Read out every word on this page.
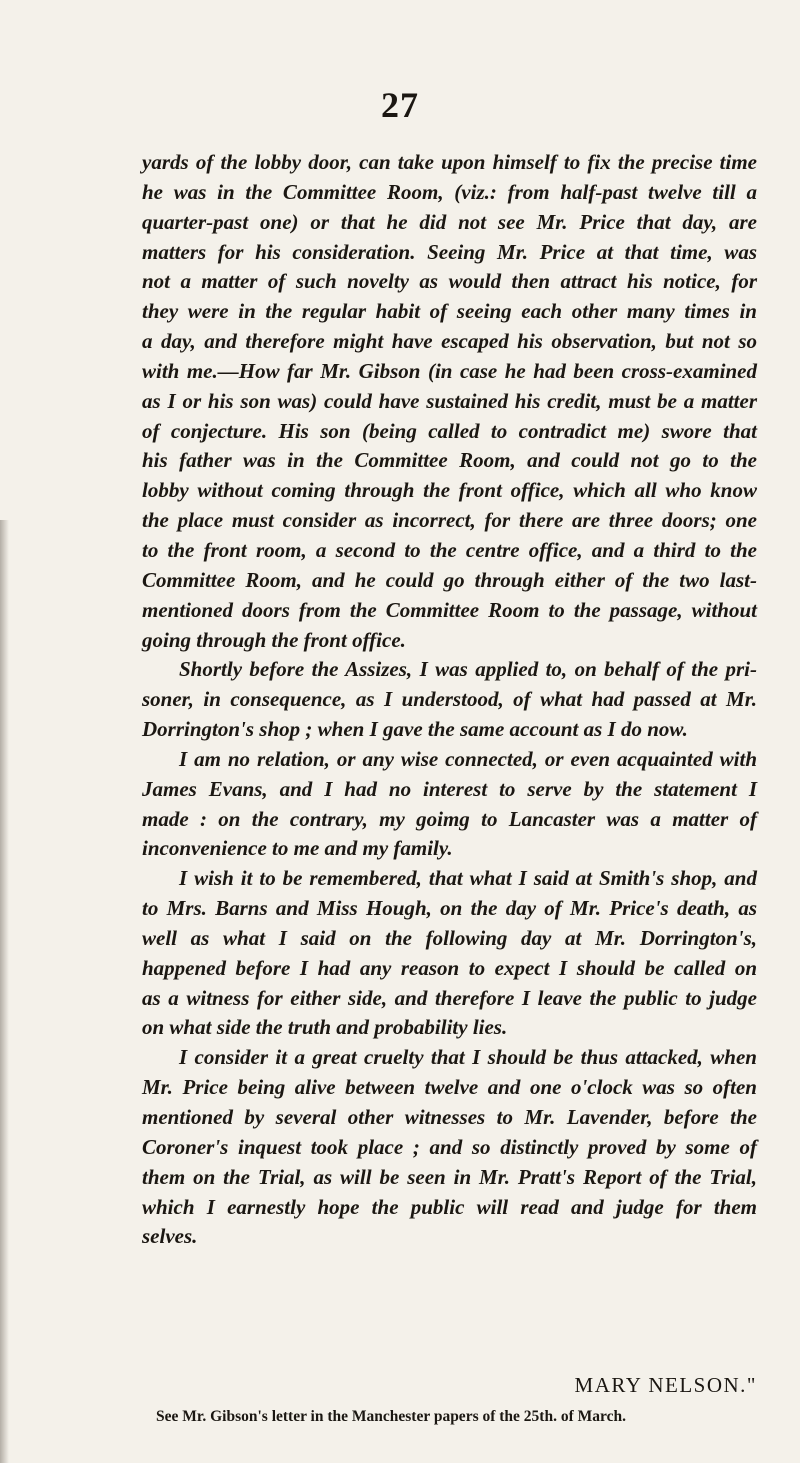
27
yards of the lobby door, can take upon himself to fix the precise time
he was in the Committee Room, (viz.: from half-past twelve till a
quarter-past one) or that he did not see Mr. Price that day, are
matters for his consideration. Seeing Mr. Price at that time, was
not a matter of such novelty as would then attract his notice, for
they were in the regular habit of seeing each other many times in
a day, and therefore might have escaped his observation, but not so
with me.—How far Mr. Gibson (in case he had been cross-examined
as I or his son was) could have sustained his credit, must be a matter
of conjecture. His son (being called to contradict me) swore that
his father was in the Committee Room, and could not go to the
lobby without coming through the front office, which all who know
the place must consider as incorrect, for there are three doors; one
to the front room, a second to the centre office, and a third to the
Committee Room, and he could go through either of the two last-
mentioned doors from the Committee Room to the passage, without
going through the front office.
Shortly before the Assizes, I was applied to, on behalf of the pri-
soner, in consequence, as I understood, of what had passed at Mr.
Dorrington's shop ; when I gave the same account as I do now.
I am no relation, or any wise connected, or even acquainted with
James Evans, and I had no interest to serve by the statement I
made : on the contrary, my goimg to Lancaster was a matter of
inconvenience to me and my family.
I wish it to be remembered, that what I said at Smith's shop, and
to Mrs. Barns and Miss Hough, on the day of Mr. Price's death, as
well as what I said on the following day at Mr. Dorrington's,
happened before I had any reason to expect I should be called on
as a witness for either side, and therefore I leave the public to judge
on what side the truth and probability lies.
I consider it a great cruelty that I should be thus attacked, when
Mr. Price being alive between twelve and one o'clock was so often
mentioned by several other witnesses to Mr. Lavender, before the
Coroner's inquest took place ; and so distinctly proved by some of
them on the Trial, as will be seen in Mr. Pratt's Report of the Trial,
which I earnestly hope the public will read and judge for them
selves.
MARY NELSON."
See Mr. Gibson's letter in the Manchester papers of the 25th. of March.
